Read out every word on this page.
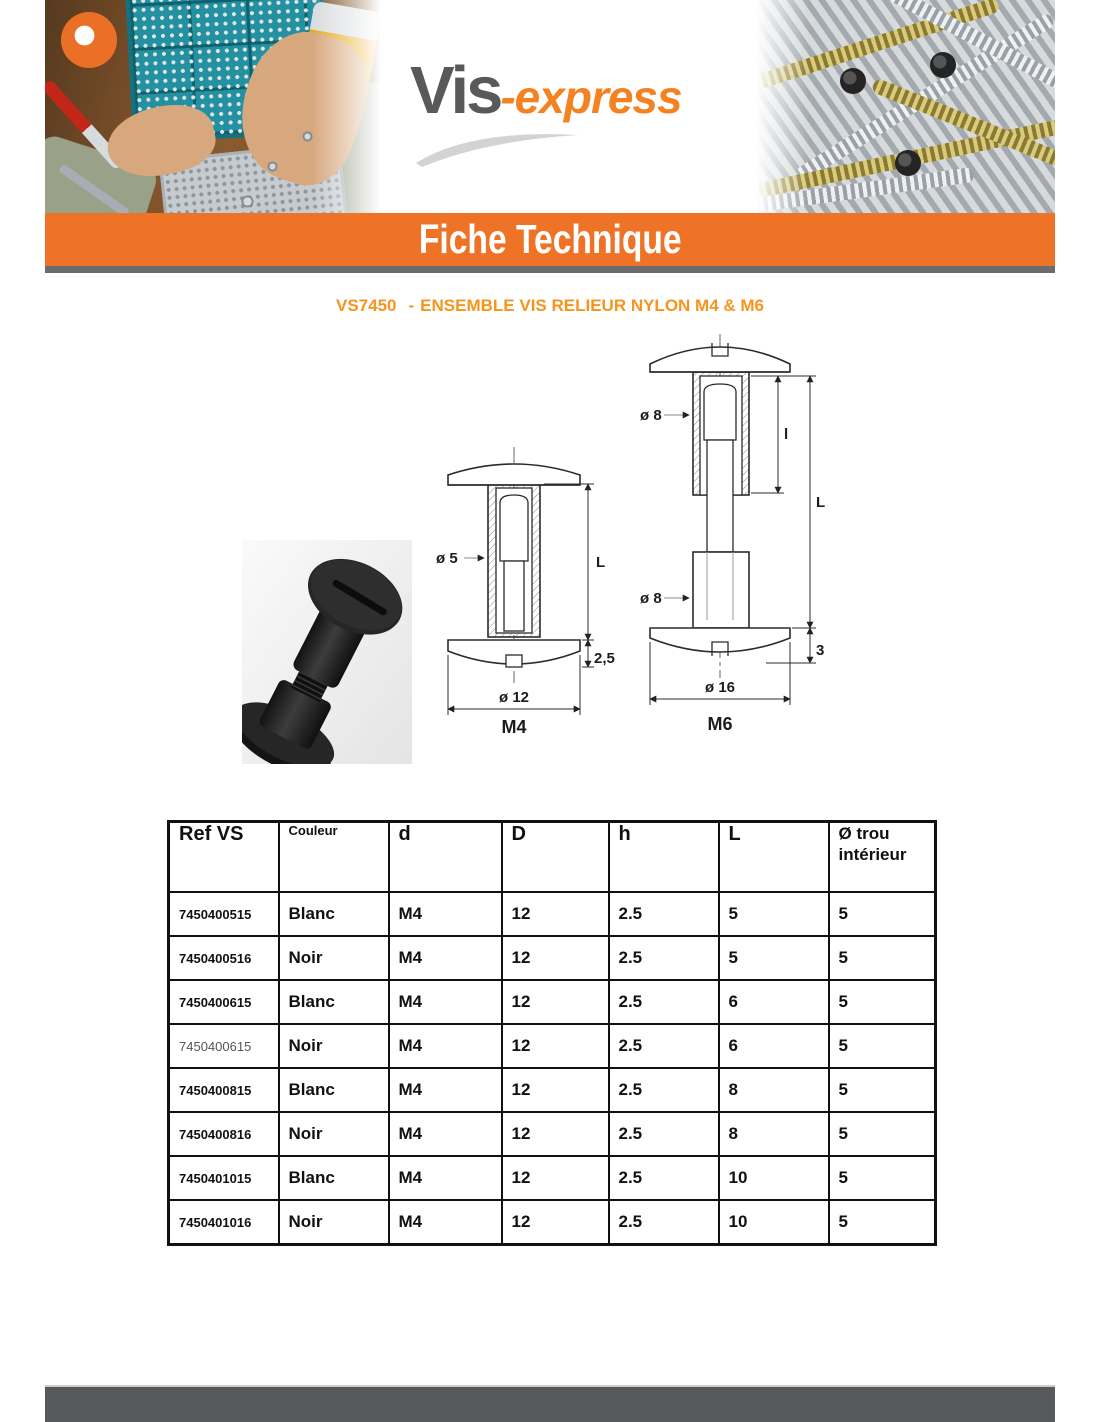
Vis-express
Fiche Technique
VS7450 - ENSEMBLE VIS RELIEUR NYLON M4 & M6
ø 5	L
2,5
ø 12
M4
ø 8
l
L
ø 8
3
ø 16
M6
Ref VS	Couleur	d	D	h	L	Ø trou intérieur
7450400515	Blanc	M4	12	2.5	5	5
7450400516	Noir	M4	12	2.5	5	5
7450400615	Blanc	M4	12	2.5	6	5
7450400615	Noir	M4	12	2.5	6	5
7450400815	Blanc	M4	12	2.5	8	5
7450400816	Noir	M4	12	2.5	8	5
7450401015	Blanc	M4	12	2.5	10	5
7450401016	Noir	M4	12	2.5	10	5
